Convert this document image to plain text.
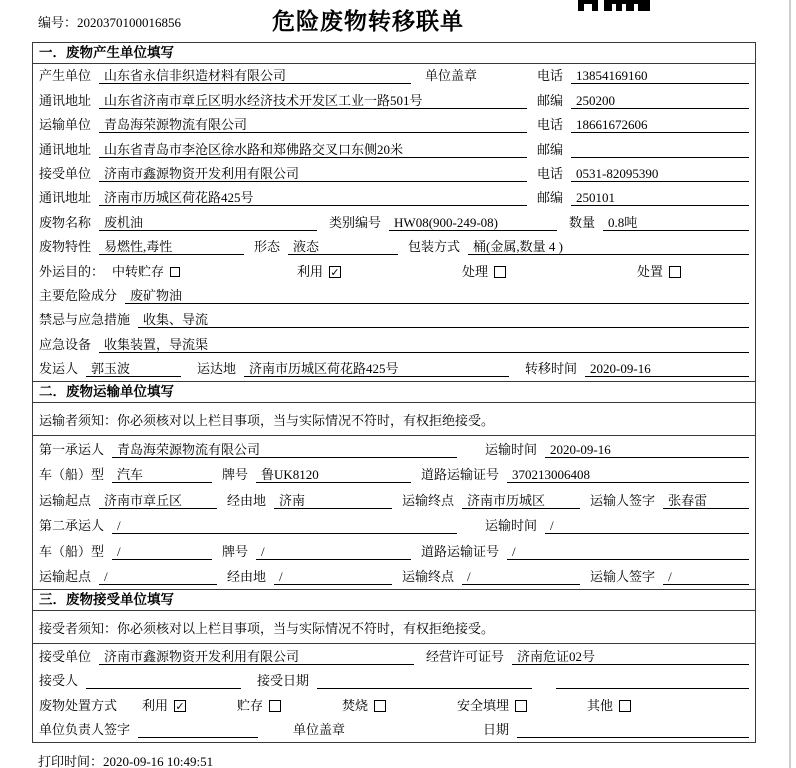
编号：2020370100016856	危险废物转移联单
一．废物产生单位填写
产生单位	山东省永信非织造材料有限公司	单位盖章	电话	13854169160
通讯地址	山东省济南市章丘区明水经济技术开发区工业一路501号	邮编	250200
运输单位	青岛海荣源物流有限公司	电话	18661672606
通讯地址	山东省青岛市李沧区徐水路和郑佛路交叉口东侧20米	邮编
接受单位	济南市鑫源物资开发利用有限公司	电话	0531-82095390
通讯地址	济南市历城区荷花路425号	邮编	250101
废物名称	废机油	类别编号	HW08(900-249-08)	数量	0.8吨
废物特性	易燃性,毒性	形态	液态	包装方式	桶(金属,数量 4 )
外运目的： 中转贮存	利用 ✓	处理	处置
主要危险成分	废矿物油
禁忌与应急措施	收集、导流
应急设备	收集装置，导流渠
发运人	郭玉波	运达地	济南市历城区荷花路425号	转移时间	2020-09-16
二．废物运输单位填写
运输者须知： 你必须核对以上栏目事项，当与实际情况不符时，有权拒绝接受。
第一承运人	青岛海荣源物流有限公司	运输时间	2020-09-16
车（船）型	汽车	牌号	鲁UK8120	道路运输证号	370213006408
运输起点	济南市章丘区	经由地	济南	运输终点	济南市历城区	运输人签字	张春雷
第二承运人	/	运输时间	/
车（船）型	/	牌号	/	道路运输证号	/
运输起点	/	经由地	/	运输终点	/	运输人签字	/
三．废物接受单位填写
接受者须知： 你必须核对以上栏目事项，当与实际情况不符时，有权拒绝接受。
接受单位	济南市鑫源物资开发利用有限公司	经营许可证号	济南危证02号
接受人	接受日期
废物处置方式 利用 ✓	贮存	焚烧	安全填埋	其他
单位负责人签字	单位盖章	日期
打印时间：2020-09-16 10:49:51
